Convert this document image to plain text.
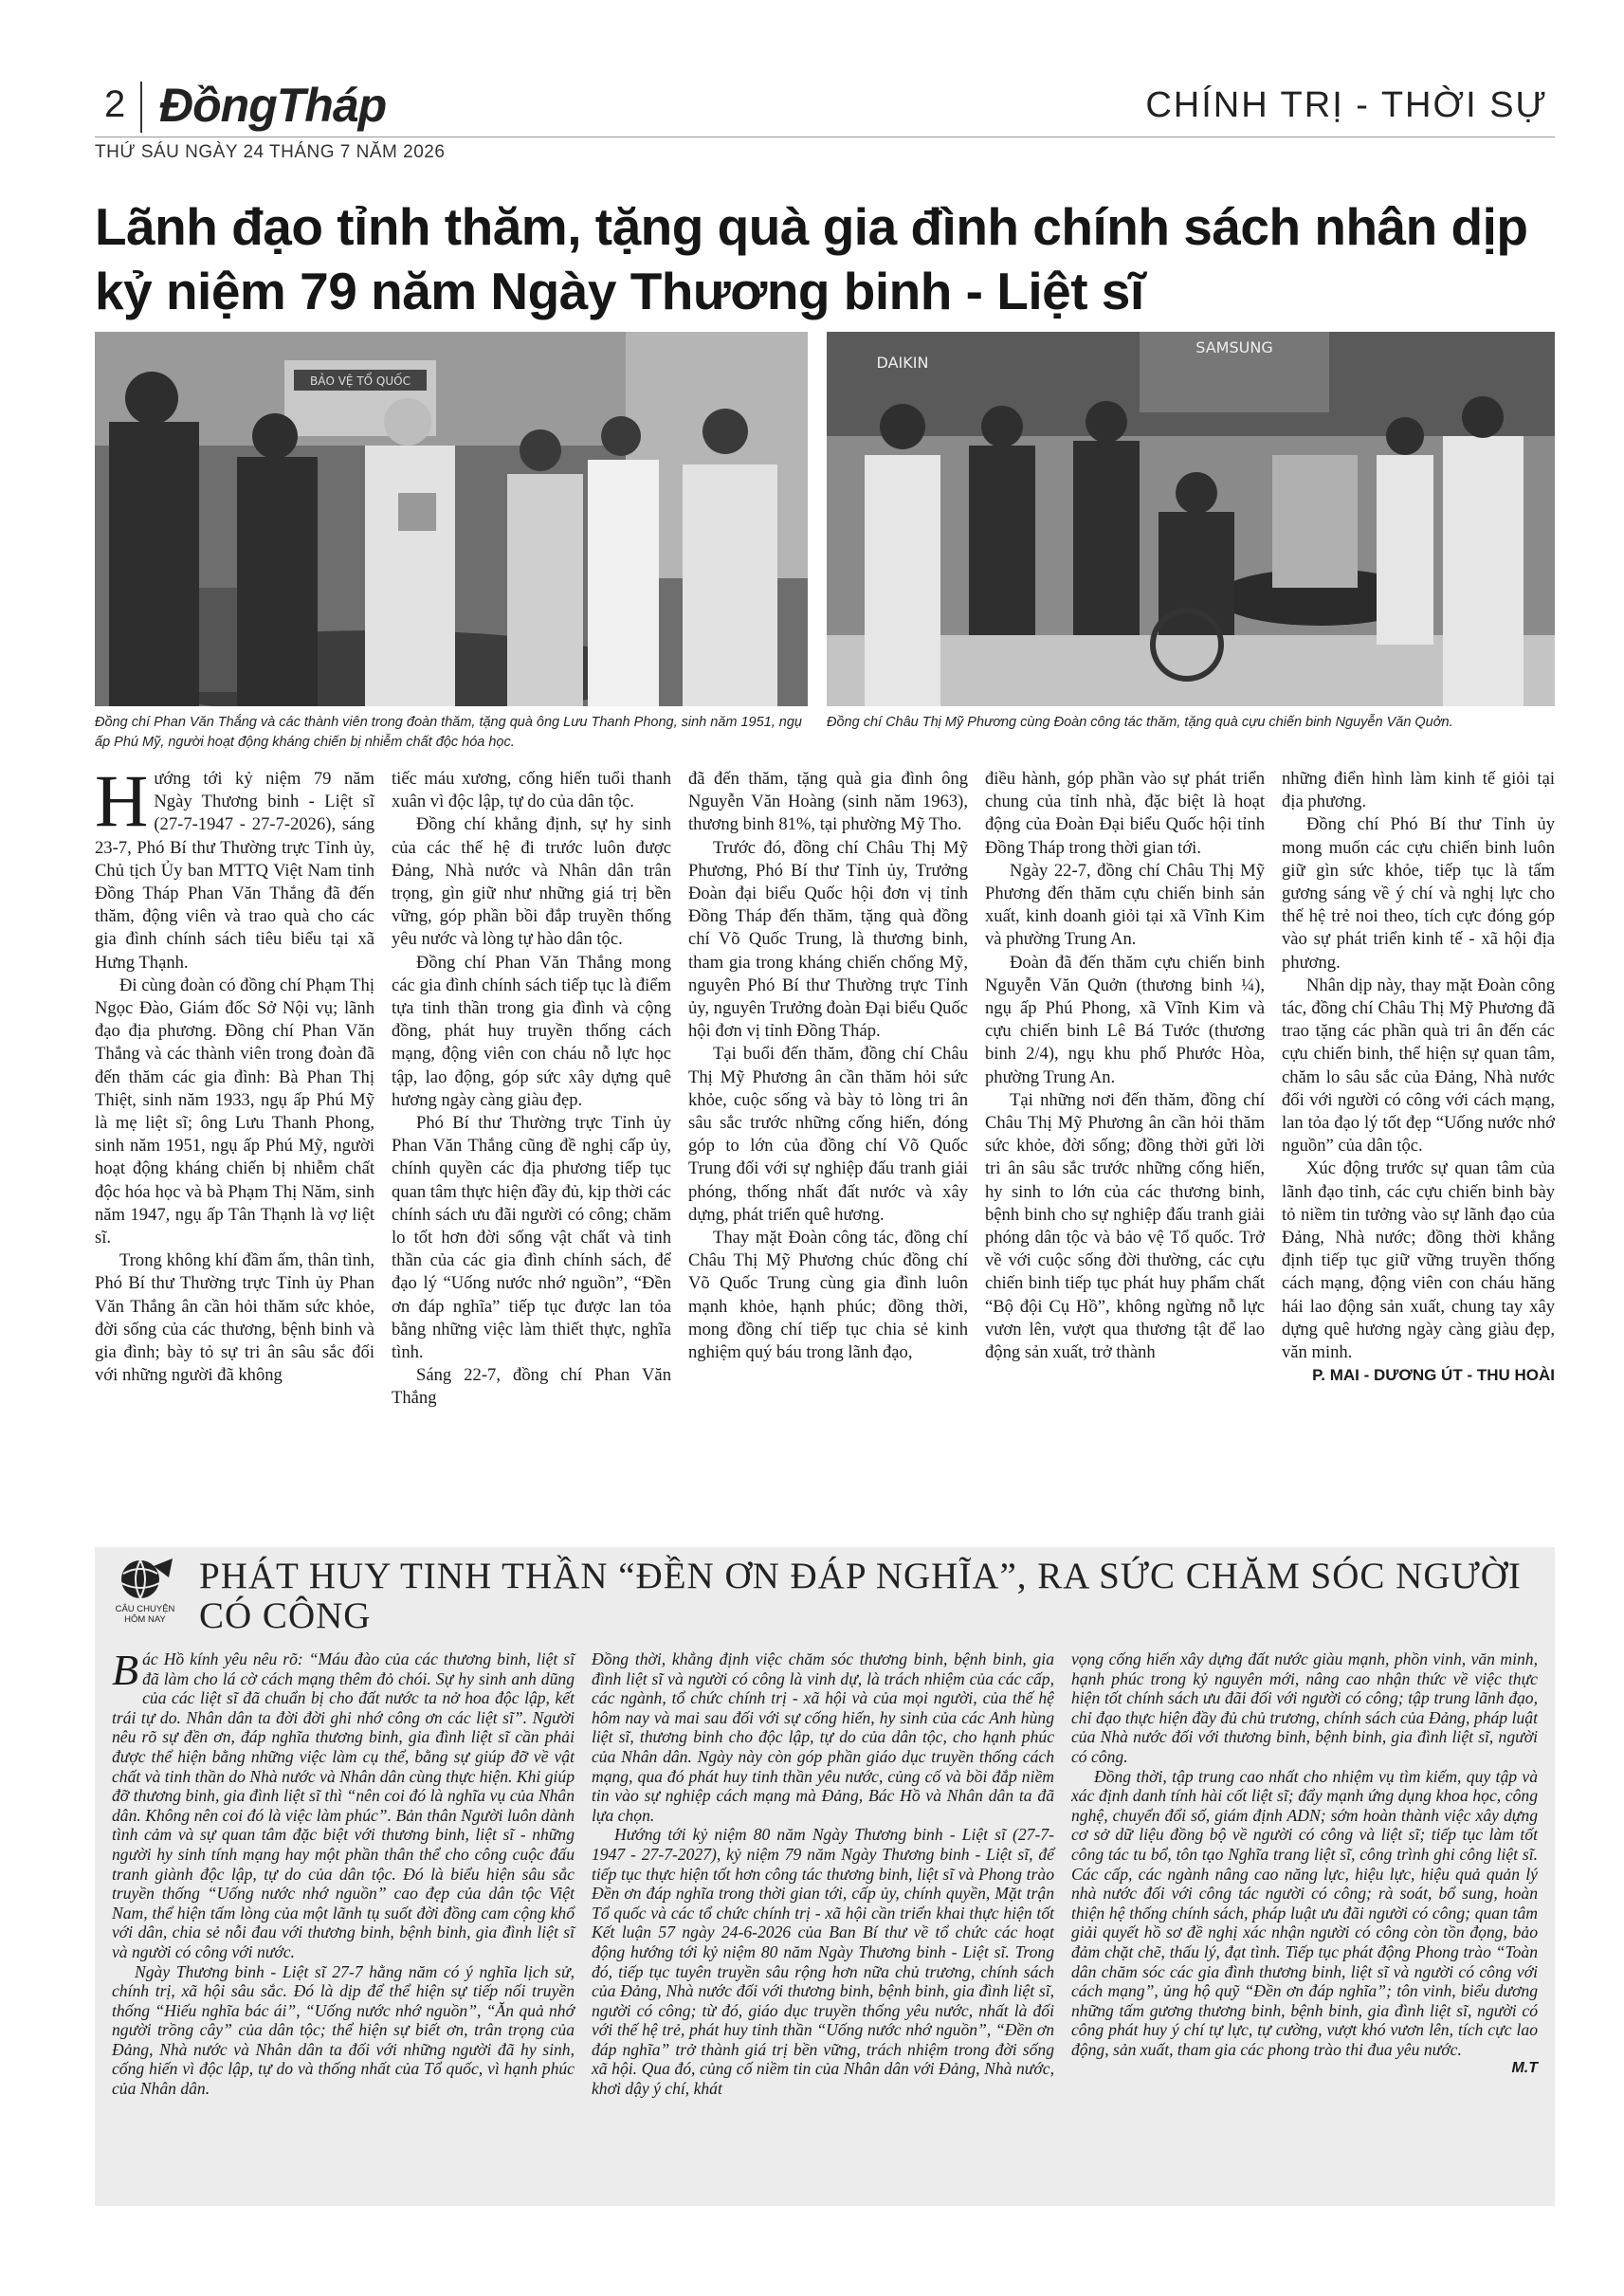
2 ĐồngTháp	CHÍNH TRỊ - THỜI SỰ
THỨ SÁU NGÀY 24 THÁNG 7 NĂM 2026
Lãnh đạo tỉnh thăm, tặng quà gia đình chính sách nhân dịp kỷ niệm 79 năm Ngày Thương binh - Liệt sĩ
BẢO VỆ TỔ QUỐC
Đồng chí Phan Văn Thắng và các thành viên trong đoàn thăm, tặng quà ông Lưu Thanh Phong, sinh năm 1951, ngụ ấp Phú Mỹ, người hoạt động kháng chiến bị nhiễm chất độc hóa học.
SAMSUNG
DAIKIN
Đồng chí Châu Thị Mỹ Phương cùng Đoàn công tác thăm, tặng quà cựu chiến binh Nguyễn Văn Quởn.

Hướng tới kỷ niệm 79 năm Ngày Thương binh - Liệt sĩ (27-7-1947 - 27-7-2026), sáng 23-7, Phó Bí thư Thường trực Tỉnh ủy, Chủ tịch Ủy ban MTTQ Việt Nam tỉnh Đồng Tháp Phan Văn Thắng đã đến thăm, động viên và trao quà cho các gia đình chính sách tiêu biểu tại xã Hưng Thạnh.

Đi cùng đoàn có đồng chí Phạm Thị Ngọc Đào, Giám đốc Sở Nội vụ; lãnh đạo địa phương. Đồng chí Phan Văn Thắng và các thành viên trong đoàn đã đến thăm các gia đình: Bà Phan Thị Thiệt, sinh năm 1933, ngụ ấp Phú Mỹ là mẹ liệt sĩ; ông Lưu Thanh Phong, sinh năm 1951, ngụ ấp Phú Mỹ, người hoạt động kháng chiến bị nhiễm chất độc hóa học và bà Phạm Thị Năm, sinh năm 1947, ngụ ấp Tân Thạnh là vợ liệt sĩ.

Trong không khí đầm ấm, thân tình, Phó Bí thư Thường trực Tỉnh ủy Phan Văn Thắng ân cần hỏi thăm sức khỏe, đời sống của các thương, bệnh binh và gia đình; bày tỏ sự tri ân sâu sắc đối với những người đã không

tiếc máu xương, cống hiến tuổi thanh xuân vì độc lập, tự do của dân tộc.

Đồng chí khẳng định, sự hy sinh của các thế hệ đi trước luôn được Đảng, Nhà nước và Nhân dân trân trọng, gìn giữ như những giá trị bền vững, góp phần bồi đắp truyền thống yêu nước và lòng tự hào dân tộc.

Đồng chí Phan Văn Thắng mong các gia đình chính sách tiếp tục là điểm tựa tinh thần trong gia đình và cộng đồng, phát huy truyền thống cách mạng, động viên con cháu nỗ lực học tập, lao động, góp sức xây dựng quê hương ngày càng giàu đẹp.

Phó Bí thư Thường trực Tỉnh ủy Phan Văn Thắng cũng đề nghị cấp ủy, chính quyền các địa phương tiếp tục quan tâm thực hiện đầy đủ, kịp thời các chính sách ưu đãi người có công; chăm lo tốt hơn đời sống vật chất và tinh thần của các gia đình chính sách, để đạo lý “Uống nước nhớ nguồn”, “Đền ơn đáp nghĩa” tiếp tục được lan tỏa bằng những việc làm thiết thực, nghĩa tình.

Sáng 22-7, đồng chí Phan Văn Thắng

đã đến thăm, tặng quà gia đình ông Nguyễn Văn Hoàng (sinh năm 1963), thương binh 81%, tại phường Mỹ Tho.

Trước đó, đồng chí Châu Thị Mỹ Phương, Phó Bí thư Tỉnh ủy, Trưởng Đoàn đại biểu Quốc hội đơn vị tỉnh Đồng Tháp đến thăm, tặng quà đồng chí Võ Quốc Trung, là thương binh, tham gia trong kháng chiến chống Mỹ, nguyên Phó Bí thư Thường trực Tỉnh ủy, nguyên Trưởng đoàn Đại biểu Quốc hội đơn vị tỉnh Đồng Tháp.

Tại buổi đến thăm, đồng chí Châu Thị Mỹ Phương ân cần thăm hỏi sức khỏe, cuộc sống và bày tỏ lòng tri ân sâu sắc trước những cống hiến, đóng góp to lớn của đồng chí Võ Quốc Trung đối với sự nghiệp đấu tranh giải phóng, thống nhất đất nước và xây dựng, phát triển quê hương.

Thay mặt Đoàn công tác, đồng chí Châu Thị Mỹ Phương chúc đồng chí Võ Quốc Trung cùng gia đình luôn mạnh khỏe, hạnh phúc; đồng thời, mong đồng chí tiếp tục chia sẻ kinh nghiệm quý báu trong lãnh đạo,

điều hành, góp phần vào sự phát triển chung của tỉnh nhà, đặc biệt là hoạt động của Đoàn Đại biểu Quốc hội tỉnh Đồng Tháp trong thời gian tới.

Ngày 22-7, đồng chí Châu Thị Mỹ Phương đến thăm cựu chiến binh sản xuất, kinh doanh giỏi tại xã Vĩnh Kim và phường Trung An.

Đoàn đã đến thăm cựu chiến binh Nguyễn Văn Quởn (thương binh ¼), ngụ ấp Phú Phong, xã Vĩnh Kim và cựu chiến binh Lê Bá Tước (thương binh 2/4), ngụ khu phố Phước Hòa, phường Trung An.

Tại những nơi đến thăm, đồng chí Châu Thị Mỹ Phương ân cần hỏi thăm sức khỏe, đời sống; đồng thời gửi lời tri ân sâu sắc trước những cống hiến, hy sinh to lớn của các thương binh, bệnh binh cho sự nghiệp đấu tranh giải phóng dân tộc và bảo vệ Tổ quốc. Trở về với cuộc sống đời thường, các cựu chiến binh tiếp tục phát huy phẩm chất “Bộ đội Cụ Hồ”, không ngừng nỗ lực vươn lên, vượt qua thương tật để lao động sản xuất, trở thành

những điển hình làm kinh tế giỏi tại địa phương.

Đồng chí Phó Bí thư Tỉnh ủy mong muốn các cựu chiến binh luôn giữ gìn sức khỏe, tiếp tục là tấm gương sáng về ý chí và nghị lực cho thế hệ trẻ noi theo, tích cực đóng góp vào sự phát triển kinh tế - xã hội địa phương.

Nhân dịp này, thay mặt Đoàn công tác, đồng chí Châu Thị Mỹ Phương đã trao tặng các phần quà tri ân đến các cựu chiến binh, thể hiện sự quan tâm, chăm lo sâu sắc của Đảng, Nhà nước đối với người có công với cách mạng, lan tỏa đạo lý tốt đẹp “Uống nước nhớ nguồn” của dân tộc.

Xúc động trước sự quan tâm của lãnh đạo tỉnh, các cựu chiến binh bày tỏ niềm tin tưởng vào sự lãnh đạo của Đảng, Nhà nước; đồng thời khẳng định tiếp tục giữ vững truyền thống cách mạng, động viên con cháu hăng hái lao động sản xuất, chung tay xây dựng quê hương ngày càng giàu đẹp, văn minh.

P. MAI - DƯƠNG ÚT - THU HOÀI
CÂU CHUYỆN HÔM NAY
PHÁT HUY TINH THẦN “ĐỀN ƠN ĐÁP NGHĨA”, RA SỨC CHĂM SÓC NGƯỜI CÓ CÔNG

Bác Hồ kính yêu nêu rõ: “Máu đào của các thương binh, liệt sĩ đã làm cho lá cờ cách mạng thêm đỏ chói. Sự hy sinh anh dũng của các liệt sĩ đã chuẩn bị cho đất nước ta nở hoa độc lập, kết trái tự do. Nhân dân ta đời đời ghi nhớ công ơn các liệt sĩ”. Người nêu rõ sự đền ơn, đáp nghĩa thương binh, gia đình liệt sĩ cần phải được thể hiện bằng những việc làm cụ thể, bằng sự giúp đỡ về vật chất và tinh thần do Nhà nước và Nhân dân cùng thực hiện. Khi giúp đỡ thương binh, gia đình liệt sĩ thì “nên coi đó là nghĩa vụ của Nhân dân. Không nên coi đó là việc làm phúc”. Bản thân Người luôn dành tình cảm và sự quan tâm đặc biệt với thương binh, liệt sĩ - những người hy sinh tính mạng hay một phần thân thể cho công cuộc đấu tranh giành độc lập, tự do của dân tộc. Đó là biểu hiện sâu sắc truyền thống “Uống nước nhớ nguồn” cao đẹp của dân tộc Việt Nam, thể hiện tấm lòng của một lãnh tụ suốt đời đồng cam cộng khổ với dân, chia sẻ nỗi đau với thương binh, bệnh binh, gia đình liệt sĩ và người có công với nước.

Ngày Thương binh - Liệt sĩ 27-7 hằng năm có ý nghĩa lịch sử, chính trị, xã hội sâu sắc. Đó là dịp để thể hiện sự tiếp nối truyền thống “Hiếu nghĩa bác ái”, “Uống nước nhớ nguồn”, “Ăn quả nhớ người trồng cây” của dân tộc; thể hiện sự biết ơn, trân trọng của Đảng, Nhà nước và Nhân dân ta đối với những người đã hy sinh, cống hiến vì độc lập, tự do và thống nhất của Tổ quốc, vì hạnh phúc của Nhân dân.

Đồng thời, khẳng định việc chăm sóc thương binh, bệnh binh, gia đình liệt sĩ và người có công là vinh dự, là trách nhiệm của các cấp, các ngành, tổ chức chính trị - xã hội và của mọi người, của thế hệ hôm nay và mai sau đối với sự cống hiến, hy sinh của các Anh hùng liệt sĩ, thương binh cho độc lập, tự do của dân tộc, cho hạnh phúc của Nhân dân. Ngày này còn góp phần giáo dục truyền thống cách mạng, qua đó phát huy tinh thần yêu nước, củng cố và bồi đắp niềm tin vào sự nghiệp cách mạng mà Đảng, Bác Hồ và Nhân dân ta đã lựa chọn.

Hướng tới kỷ niệm 80 năm Ngày Thương binh - Liệt sĩ (27-7-1947 - 27-7-2027), kỷ niệm 79 năm Ngày Thương binh - Liệt sĩ, để tiếp tục thực hiện tốt hơn công tác thương binh, liệt sĩ và Phong trào Đền ơn đáp nghĩa trong thời gian tới, cấp ủy, chính quyền, Mặt trận Tổ quốc và các tổ chức chính trị - xã hội cần triển khai thực hiện tốt Kết luận 57 ngày 24-6-2026 của Ban Bí thư về tổ chức các hoạt động hướng tới kỷ niệm 80 năm Ngày Thương binh - Liệt sĩ. Trong đó, tiếp tục tuyên truyền sâu rộng hơn nữa chủ trương, chính sách của Đảng, Nhà nước đối với thương binh, bệnh binh, gia đình liệt sĩ, người có công; từ đó, giáo dục truyền thống yêu nước, nhất là đối với thế hệ trẻ, phát huy tinh thần “Uống nước nhớ nguồn”, “Đền ơn đáp nghĩa” trở thành giá trị bền vững, trách nhiệm trong đời sống xã hội. Qua đó, củng cố niềm tin của Nhân dân với Đảng, Nhà nước, khơi dậy ý chí, khát

vọng cống hiến xây dựng đất nước giàu mạnh, phồn vinh, văn minh, hạnh phúc trong kỷ nguyên mới, nâng cao nhận thức về việc thực hiện tốt chính sách ưu đãi đối với người có công; tập trung lãnh đạo, chỉ đạo thực hiện đầy đủ chủ trương, chính sách của Đảng, pháp luật của Nhà nước đối với thương binh, bệnh binh, gia đình liệt sĩ, người có công.

Đồng thời, tập trung cao nhất cho nhiệm vụ tìm kiếm, quy tập và xác định danh tính hài cốt liệt sĩ; đẩy mạnh ứng dụng khoa học, công nghệ, chuyển đổi số, giám định ADN; sớm hoàn thành việc xây dựng cơ sở dữ liệu đồng bộ về người có công và liệt sĩ; tiếp tục làm tốt công tác tu bổ, tôn tạo Nghĩa trang liệt sĩ, công trình ghi công liệt sĩ. Các cấp, các ngành nâng cao năng lực, hiệu lực, hiệu quả quản lý nhà nước đối với công tác người có công; rà soát, bổ sung, hoàn thiện hệ thống chính sách, pháp luật ưu đãi người có công; quan tâm giải quyết hồ sơ đề nghị xác nhận người có công còn tồn đọng, bảo đảm chặt chẽ, thấu lý, đạt tình. Tiếp tục phát động Phong trào “Toàn dân chăm sóc các gia đình thương binh, liệt sĩ và người có công với cách mạng”, ủng hộ quỹ “Đền ơn đáp nghĩa”; tôn vinh, biểu dương những tấm gương thương binh, bệnh binh, gia đình liệt sĩ, người có công phát huy ý chí tự lực, tự cường, vượt khó vươn lên, tích cực lao động, sản xuất, tham gia các phong trào thi đua yêu nước.

M.T
